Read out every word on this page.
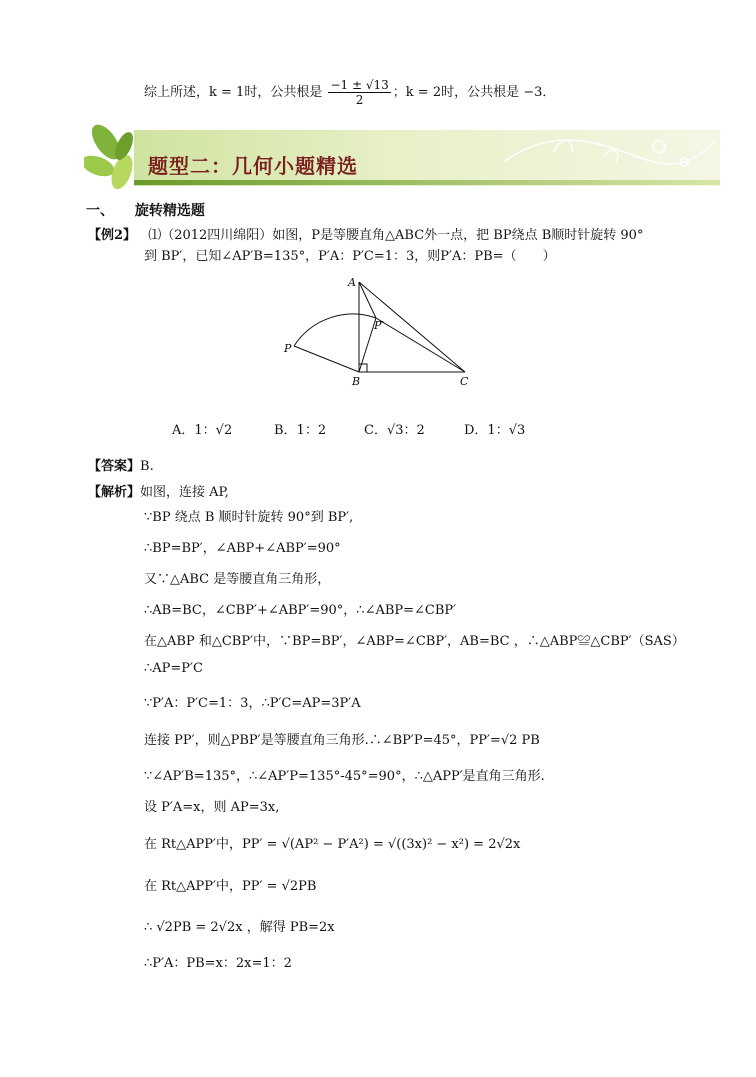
综上所述，k = 1时，公共根是 $\frac{-1 \pm √13}{2}$ ；k = 2时，公共根是 −3．
题型二：几何小题精选
一、 旋转精选题
【例2】 ⑴（2012四川绵阳）如图，P是等腰直角△ABC外一点，把 BP绕点 B顺时针旋转 90°
到 BP′，已知∠AP′B=135°，P′A：P′C=1：3，则P′A：PB=（　　）
A
B	C
P
P′
A．1：√2	B．1：2	C．√3：2	D．1：√3
【答案】B.
【解析】如图，连接 AP,
∵BP 绕点 B 顺时针旋转 90°到 BP′,
∴BP=BP′，∠ABP+∠ABP′=90°
又∵△ABC 是等腰直角三角形，
∴AB=BC，∠CBP′+∠ABP′=90°，∴∠ABP=∠CBP′
在△ABP 和△CBP′中，∵BP=BP′，∠ABP=∠CBP′，AB=BC ，∴△ABP≌△CBP′（SAS）
∴AP=P′C
∵P′A：P′C=1：3，∴P′C=AP=3P′A
连接 PP′，则△PBP′是等腰直角三角形.∴∠BP′P=45°，PP′=√2 PB
∵∠AP′B=135°，∴∠AP′P=135°-45°=90°，∴△APP′是直角三角形.
设 P′A=x，则 AP=3x,
在 Rt△APP′中，PP′ = √(AP² − P′A²) = √((3x)² − x²) = 2√2x
在 Rt△APP′中，PP′ = √2PB
∴ √2PB = 2√2x ，解得 PB=2x
∴P′A：PB=x：2x=1：2
